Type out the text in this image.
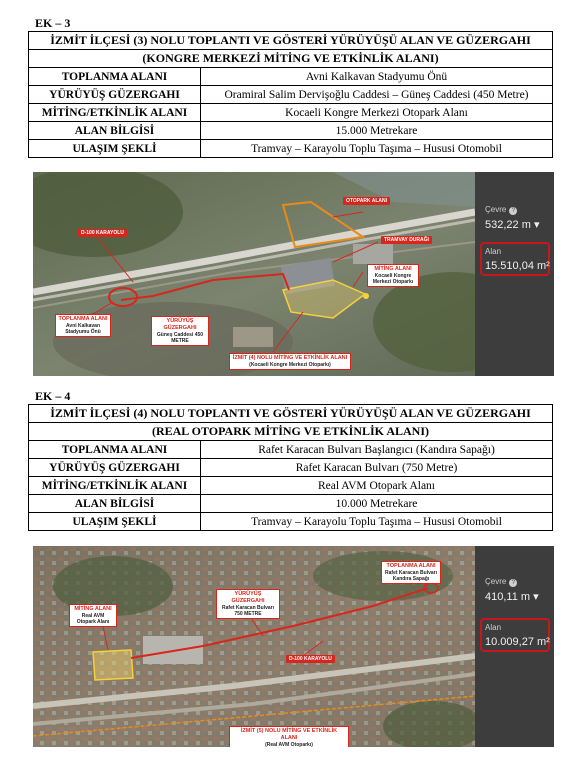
EK – 3
İZMİT İLÇESİ (3) NOLU TOPLANTI VE GÖSTERİ YÜRÜYÜŞÜ ALAN VE GÜZERGAHI	
(KONGRE MERKEZİ MİTİNG VE ETKİNLİK ALANI)	
TOPLANMA ALANI	Avni Kalkavan Stadyumu Önü
YÜRÜYÜŞ GÜZERGAHI	Oramiral Salim Dervişoğlu Caddesi – Güneş Caddesi (450 Metre)
MİTİNG/ETKİNLİK ALANI	Kocaeli Kongre Merkezi Otopark Alanı
ALAN BİLGİSİ	15.000 Metrekare
ULAŞIM ŞEKLİ	Tramvay – Karayolu Toplu Taşıma – Hususi Otomobil
OTOPARK ALANI
D-100 KARAYOLU
TRAMVAY DURAĞI
MİTİNG ALANI
Kocaeli Kongre Merkezi Otoparkı
TOPLANMA ALANI
Avni Kalkavan Stadyumu Önü
YÜRÜYÜŞ GÜZERGAHI
Güneş Caddesi 450 METRE
İZMİT (4) NOLU MİTİNG VE ETKİNLİK ALANI
(Kocaeli Kongre Merkezi Otoparkı)
Çevre ?
532,22 m ▾
Alan
15.510,04 m²
EK – 4
İZMİT İLÇESİ (4) NOLU TOPLANTI VE GÖSTERİ YÜRÜYÜŞÜ ALAN VE GÜZERGAHI	
(REAL OTOPARK MİTİNG VE ETKİNLİK ALANI)	
TOPLANMA ALANI	Rafet Karacan Bulvarı Başlangıcı (Kandıra Sapağı)
YÜRÜYÜŞ GÜZERGAHI	Rafet Karacan Bulvarı (750 Metre)
MİTİNG/ETKİNLİK ALANI	Real AVM Otopark Alanı
ALAN BİLGİSİ	10.000 Metrekare
ULAŞIM ŞEKLİ	Tramvay – Karayolu Toplu Taşıma – Hususi Otomobil
TOPLANMA ALANI
Rafet Karacan Bulvarı Kandıra Sapağı
YÜRÜYÜŞ GÜZERGAHI
Rafet Karacan Bulvarı 750 METRE
MİTİNG ALANI
Real AVM Otopark Alanı
D-100 KARAYOLU
İZMİT (5) NOLU MİTİNG VE ETKİNLİK ALANI
(Real AVM Otoparkı)
Çevre ?
410,11 m ▾
Alan
10.009,27 m²
